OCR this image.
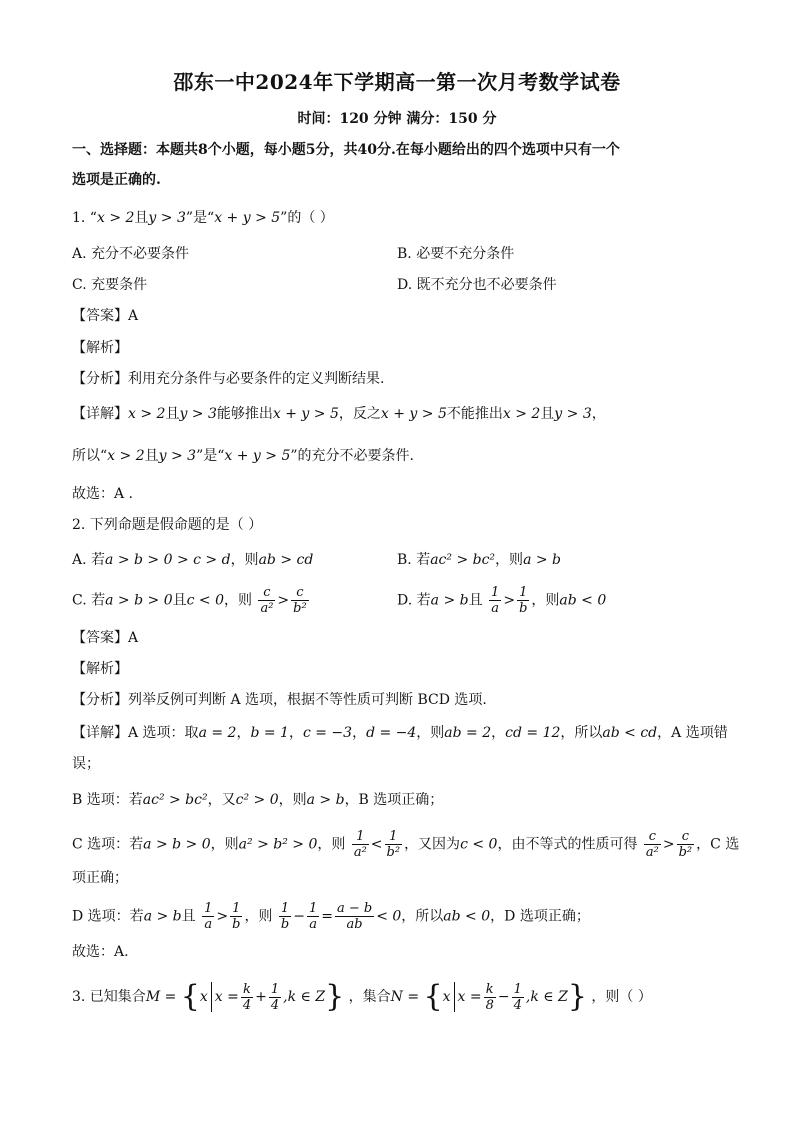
邵东一中2024年下学期高一第一次月考数学试卷
时间：120 分钟 满分：150 分
一、选择题：本题共8个小题，每小题5分，共40分.在每小题给出的四个选项中只有一个
选项是正确的.
1. “x > 2且y > 3”是“x + y > 5”的（ ）
A. 充分不必要条件	B. 必要不充分条件
C. 充要条件	D. 既不充分也不必要条件
【答案】A
【解析】
【分析】利用充分条件与必要条件的定义判断结果.
【详解】x > 2且y > 3能够推出x + y > 5，反之x + y > 5不能推出x > 2且y > 3，
所以“x > 2且y > 3”是“x + y > 5”的充分不必要条件.
故选：A .
2. 下列命题是假命题的是（ ）
A. 若a > b > 0 > c > d，则ab > cd	B. 若ac² > bc²，则a > b
C. 若a > b > 0且c < 0，则 $\frac{c}{\text{a²}} > \frac{c}{\text{b²}}$	D. 若a > b且 $\frac{1}{a} > \frac{1}{b}$ ，则ab < 0
【答案】A
【解析】
【分析】列举反例可判断 A 选项，根据不等性质可判断 BCD 选项.
【详解】A 选项：取a = 2，b = 1，c = −3，d = −4，则ab = 2，cd = 12，所以ab < cd，A 选项错
误；
B 选项：若ac² > bc²，又c² > 0，则a > b，B 选项正确；
C 选项：若a > b > 0，则a² > b² > 0，则 $\frac{1}{\text{a²}} < \frac{1}{\text{b²}}$ ，又因为c < 0，由不等式的性质可得 $\frac{c}{\text{a²}} > \frac{c}{\text{b²}}$ ，C 选
项正确；
D 选项：若a > b且 $\frac{1}{a} > \frac{1}{b}$ ，则 $\frac{1}{b} - \frac{1}{a} = \frac{a - b}{ab} < 0$，所以ab < 0，D 选项正确；
故选：A.
3. 已知集合M = {x $x = \frac{k}{4} + \frac{1}{4} ,k$ ∈ Z} ，集合N = {x $x = \frac{k}{8} - \frac{1}{4} ,k$ ∈ Z} ，则（ ）
